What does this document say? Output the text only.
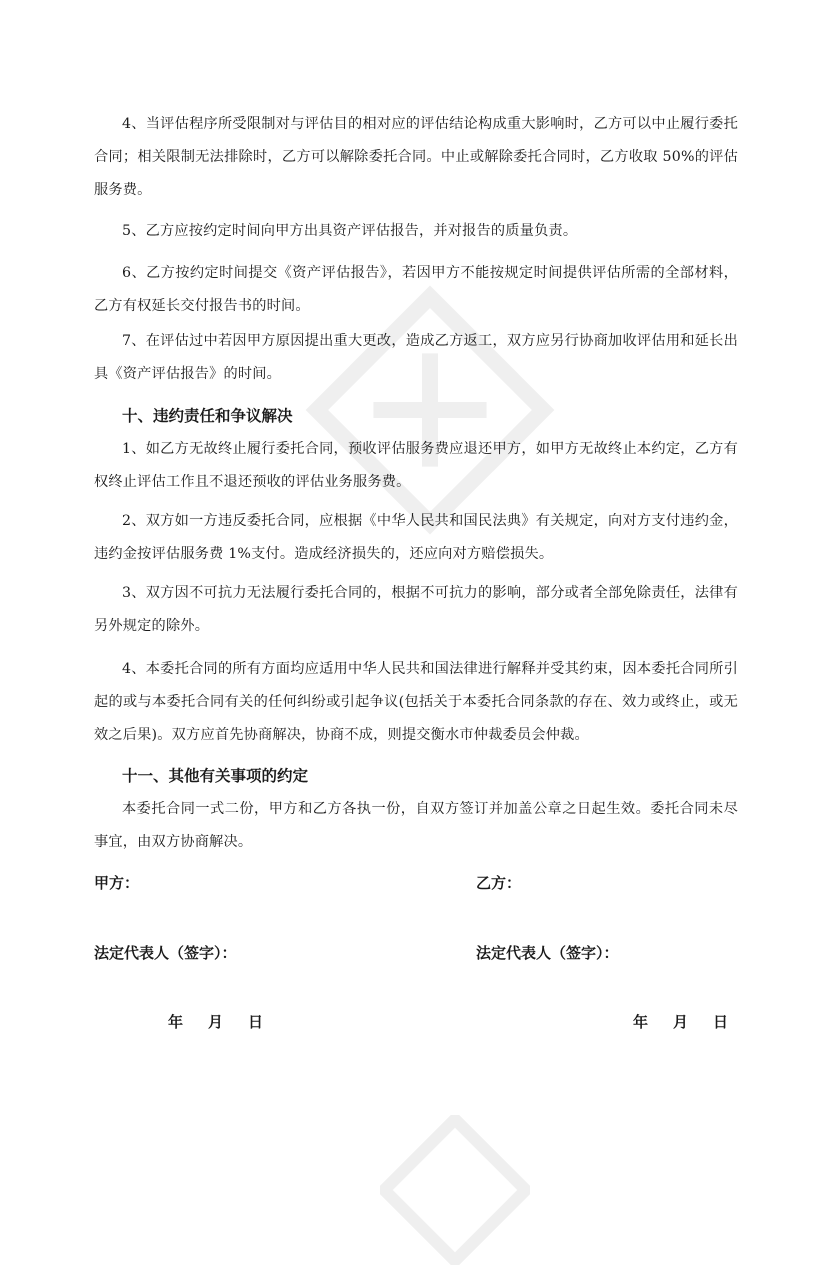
4、当评估程序所受限制对与评估目的相对应的评估结论构成重大影响时，乙方可以中止履行委托合同；相关限制无法排除时，乙方可以解除委托合同。中止或解除委托合同时，乙方收取 50%的评估服务费。

5、乙方应按约定时间向甲方出具资产评估报告，并对报告的质量负责。

6、乙方按约定时间提交《资产评估报告》，若因甲方不能按规定时间提供评估所需的全部材料，乙方有权延长交付报告书的时间。

7、在评估过中若因甲方原因提出重大更改，造成乙方返工，双方应另行协商加收评估用和延长出具《资产评估报告》的时间。

十、违约责任和争议解决

1、如乙方无故终止履行委托合同，预收评估服务费应退还甲方，如甲方无故终止本约定，乙方有权终止评估工作且不退还预收的评估业务服务费。

2、双方如一方违反委托合同，应根据《中华人民共和国民法典》有关规定，向对方支付违约金，违约金按评估服务费 1%支付。造成经济损失的，还应向对方赔偿损失。

3、双方因不可抗力无法履行委托合同的，根据不可抗力的影响，部分或者全部免除责任，法律有另外规定的除外。

4、本委托合同的所有方面均应适用中华人民共和国法律进行解释并受其约束，因本委托合同所引起的或与本委托合同有关的任何纠纷或引起争议(包括关于本委托合同条款的存在、效力或终止，或无效之后果)。双方应首先协商解决，协商不成，则提交衡水市仲裁委员会仲裁。

十一、其他有关事项的约定

本委托合同一式二份，甲方和乙方各执一份，自双方签订并加盖公章之日起生效。委托合同未尽事宜，由双方协商解决。

甲方：	乙方：
法定代表人（签字）：	法定代表人（签字）：
年 月 日	年 月 日
